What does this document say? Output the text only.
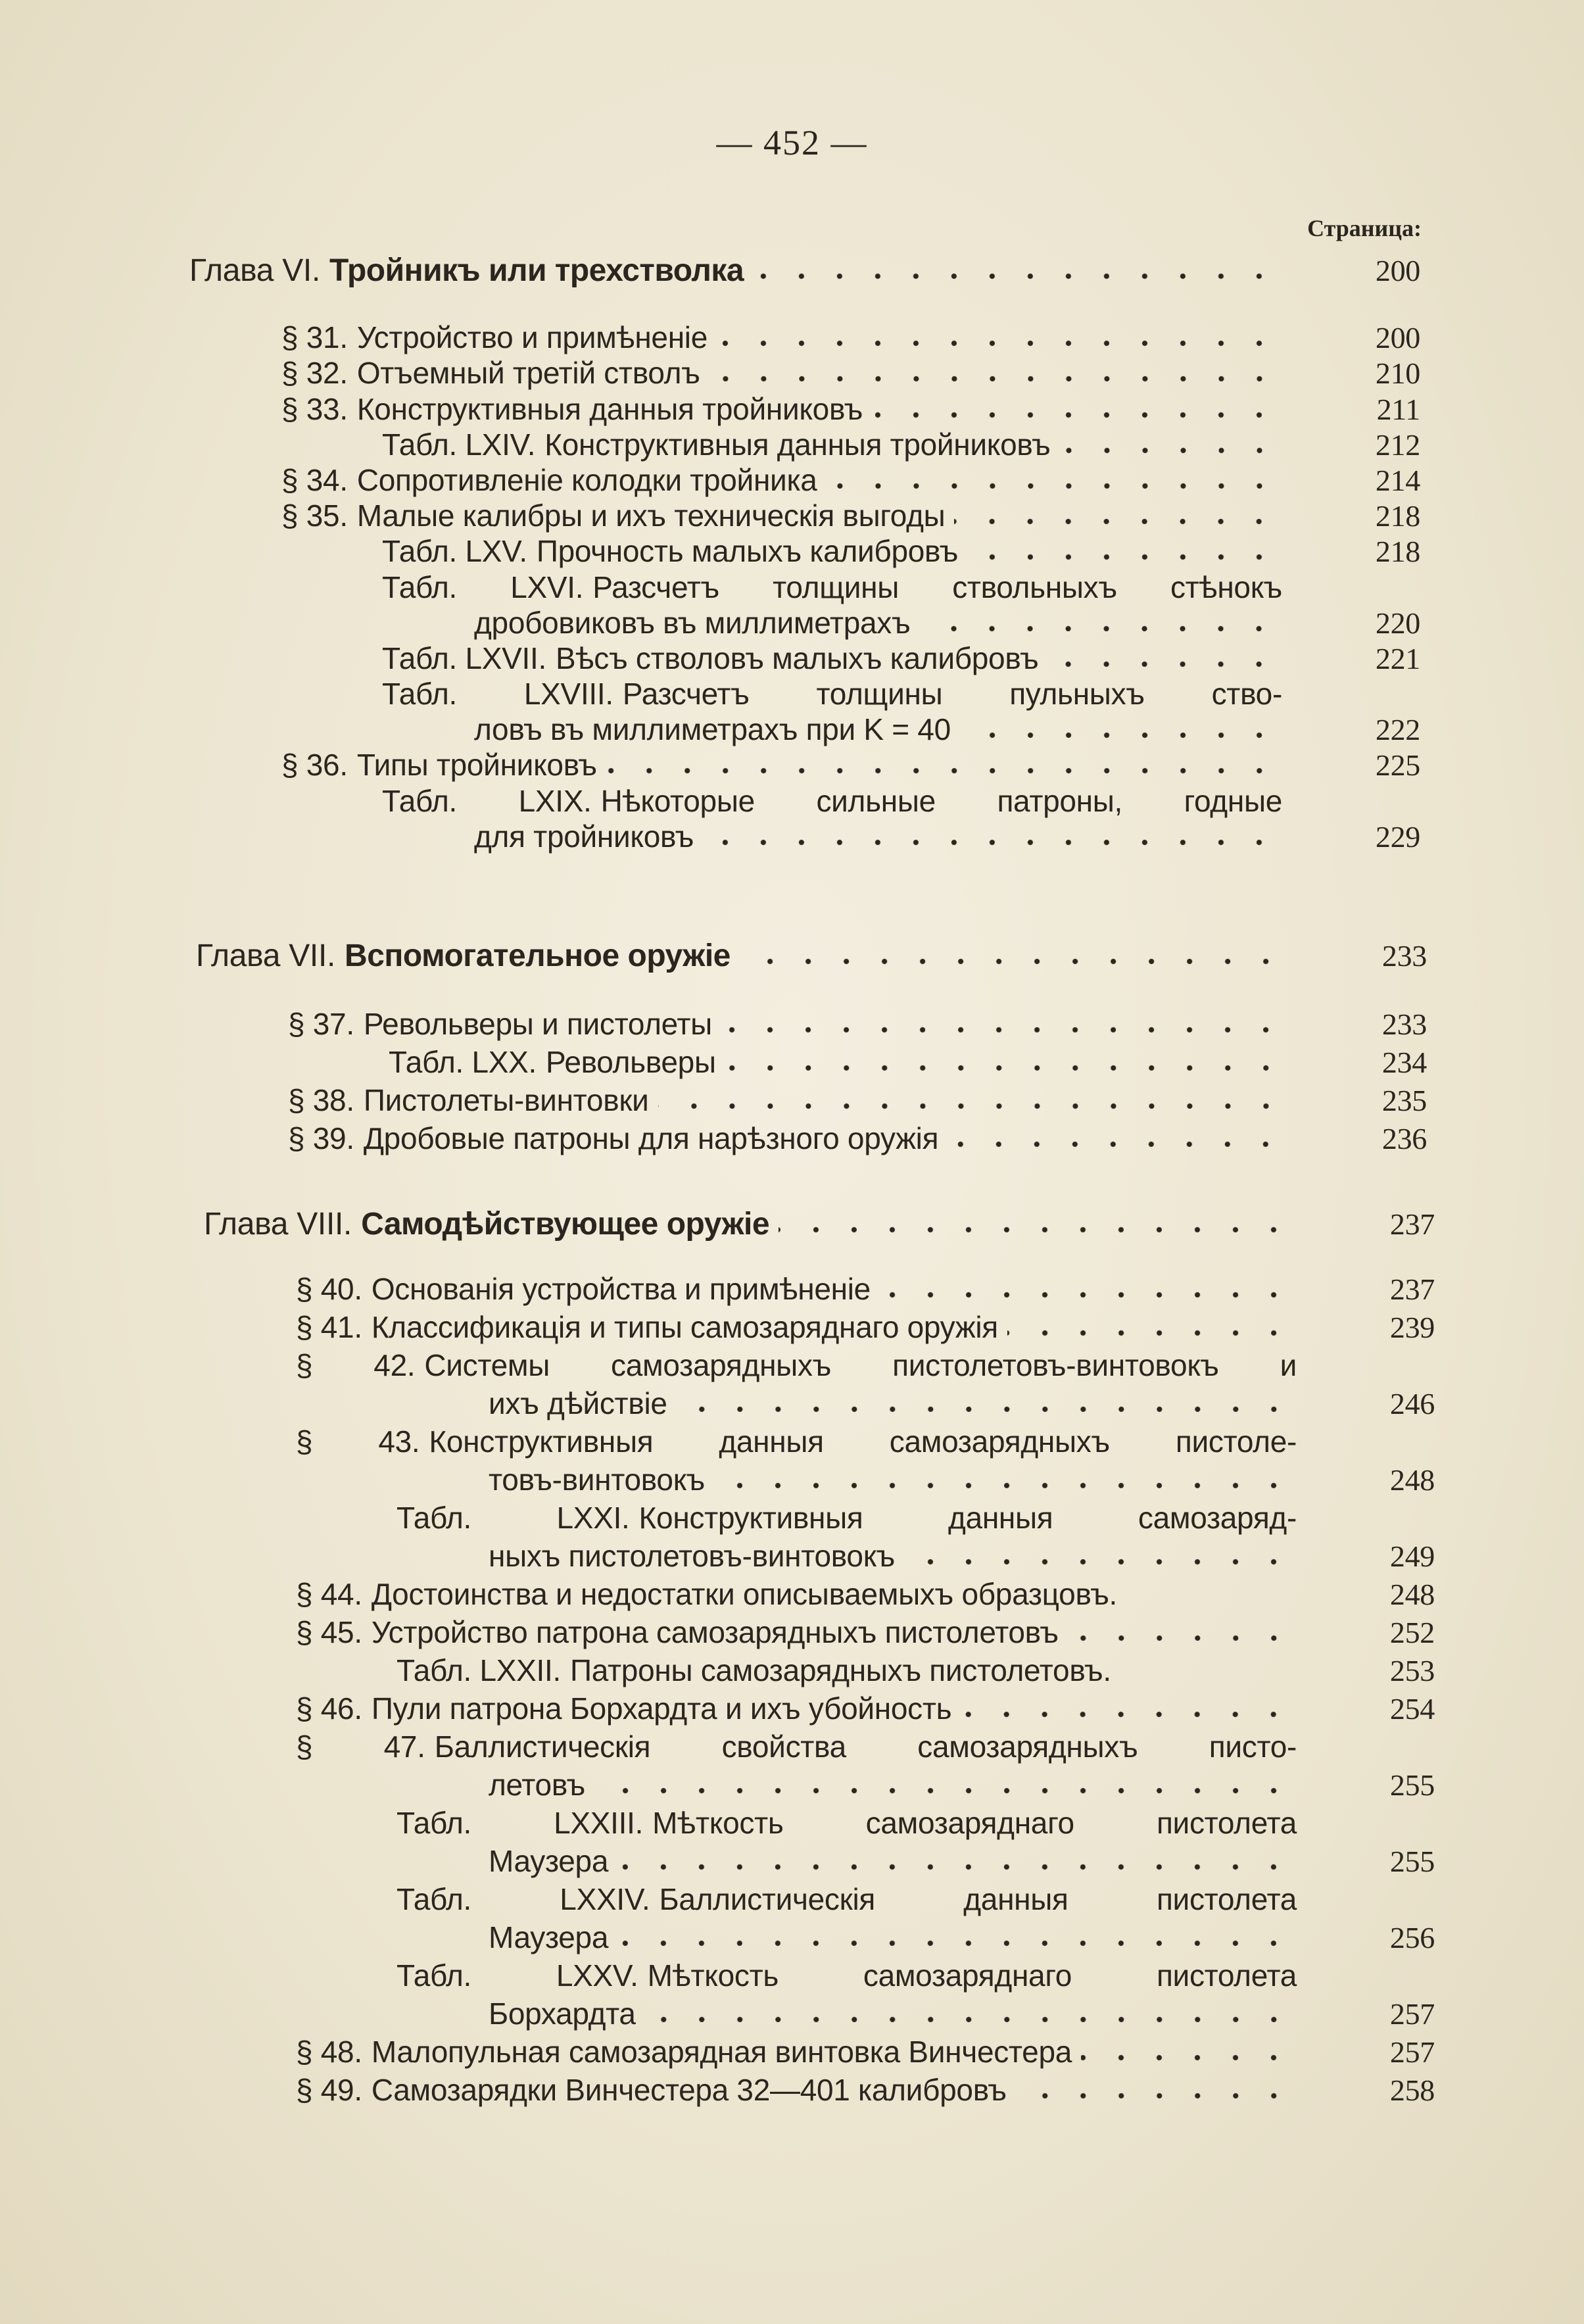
— 452 —
Страница:
Глава VI. Тройникъ или трехстволка	200
§ 31. Устройство и примѣненіе	200
§ 32. Отъемный третій стволъ	210
§ 33. Конструктивныя данныя тройниковъ	211
Табл. LXIV. Конструктивныя данныя тройниковъ	212
§ 34. Сопротивленіе колодки тройника	214
§ 35. Малые калибры и ихъ техническія выгоды	218
Табл. LXV. Прочность малыхъ калибровъ	218
Табл. LXVI. Разсчетъ толщины ствольныхъ стѣнокъ
дробовиковъ въ миллиметрахъ	220
Табл. LXVII. Вѣсъ стволовъ малыхъ калибровъ	221
Табл. LXVIII. Разсчетъ толщины пульныхъ ство-
ловъ въ миллиметрахъ при K = 40	222
§ 36. Типы тройниковъ	225
Табл. LXIX. Нѣкоторые сильные патроны, годные
для тройниковъ	229
Глава VII. Вспомогательное оружіе	233
§ 37. Револьверы и пистолеты	233
Табл. LXX. Револьверы	234
§ 38. Пистолеты-винтовки	235
§ 39. Дробовые патроны для нарѣзного оружія	236
Глава VIII. Самодѣйствующее оружіе	237
§ 40. Основанія устройства и примѣненіе	237
§ 41. Классификація и типы самозаряднаго оружія	239
§ 42. Системы самозарядныхъ пистолетовъ-винтовокъ и
ихъ дѣйствіе	246
§ 43. Конструктивныя данныя самозарядныхъ пистоле-
товъ-винтовокъ	248
Табл. LXXI. Конструктивныя данныя самозаряд-
ныхъ пистолетовъ-винтовокъ	249
§ 44. Достоинства и недостатки описываемыхъ образцовъ.	248
§ 45. Устройство патрона самозарядныхъ пистолетовъ	252
Табл. LXXII. Патроны самозарядныхъ пистолетовъ.	253
§ 46. Пули патрона Борхардта и ихъ убойность	254
§ 47. Баллистическія свойства самозарядныхъ писто-
летовъ	255
Табл. LXXIII. Мѣткость самозаряднаго пистолета
Маузера	255
Табл. LXXIV. Баллистическія данныя пистолета
Маузера	256
Табл. LXXV. Мѣткость самозаряднаго пистолета
Борхардта	257
§ 48. Малопульная самозарядная винтовка Винчестера	257
§ 49. Самозарядки Винчестера 32—401 калибровъ	258
